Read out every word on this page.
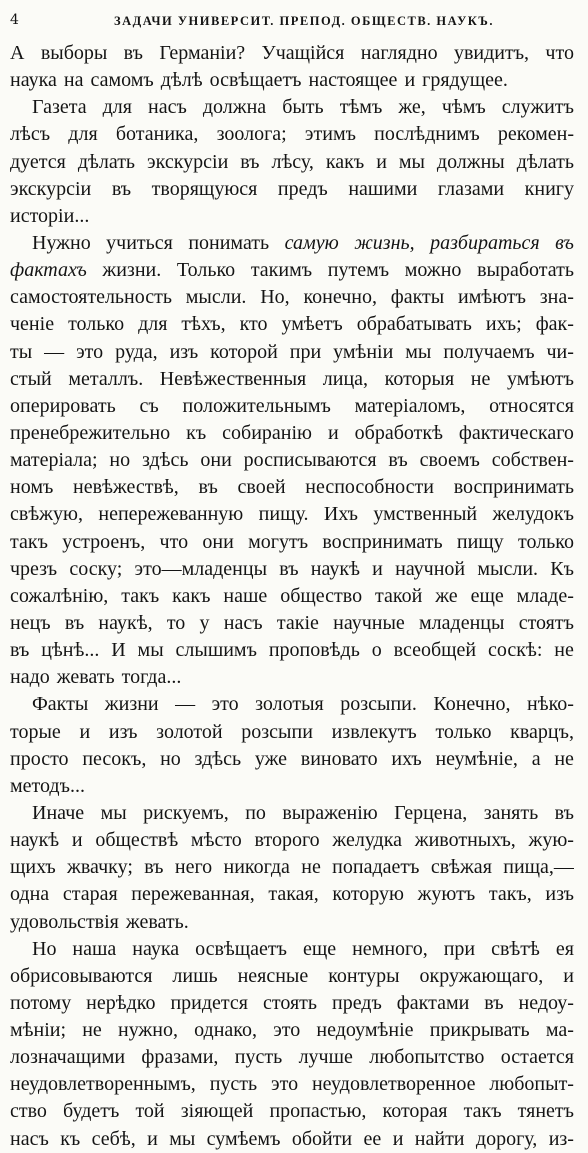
4	ЗАДАЧИ УНИВЕРСИТ. ПРЕПОД. ОБЩЕСТВ. НАУКЪ.
А выборы въ Германіи? Учащійся наглядно увидитъ, что
наука на самомъ дѣлѣ освѣщаетъ настоящее и грядущее.
Газета для насъ должна быть тѣмъ же, чѣмъ служитъ
лѣсъ для ботаника, зоолога; этимъ послѣднимъ рекомен-
дуется дѣлать экскурсіи въ лѣсу, какъ и мы должны дѣлать
экскурсіи въ творящуюся предъ нашими глазами книгу
исторіи...
Нужно учиться понимать самую жизнь, разбираться въ
фактахъ жизни. Только такимъ путемъ можно выработать
самостоятельность мысли. Но, конечно, факты имѣютъ зна-
ченіе только для тѣхъ, кто умѣетъ обрабатывать ихъ; фак-
ты — это руда, изъ которой при умѣніи мы получаемъ чи-
стый металлъ. Невѣжественныя лица, которыя не умѣютъ
оперировать съ положительнымъ матеріаломъ, относятся
пренебрежительно къ собиранію и обработкѣ фактическаго
матеріала; но здѣсь они росписываются въ своемъ собствен-
номъ невѣжествѣ, въ своей неспособности воспринимать
свѣжую, непережеванную пищу. Ихъ умственный желудокъ
такъ устроенъ, что они могутъ воспринимать пищу только
чрезъ соску; это—младенцы въ наукѣ и научной мысли. Къ
сожалѣнію, такъ какъ наше общество такой же еще младе-
нецъ въ наукѣ, то у насъ такіе научные младенцы стоятъ
въ цѣнѣ... И мы слышимъ проповѣдь о всеобщей соскѣ: не
надо жевать тогда...
Факты жизни — это золотыя розсыпи. Конечно, нѣко-
торые и изъ золотой розсыпи извлекутъ только кварцъ,
просто песокъ, но здѣсь уже виновато ихъ неумѣніе, а не
методъ...
Иначе мы рискуемъ, по выраженію Герцена, занять въ
наукѣ и обществѣ мѣсто второго желудка животныхъ, жую-
щихъ жвачку; въ него никогда не попадаетъ свѣжая пища,—
одна старая пережеванная, такая, которую жуютъ такъ, изъ
удовольствія жевать.
Но наша наука освѣщаетъ еще немного, при свѣтѣ ея
обрисовываются лишь неясные контуры окружающаго, и
потому нерѣдко придется стоять предъ фактами въ недоу-
мѣніи; не нужно, однако, это недоумѣніе прикрывать ма-
лозначащими фразами, пусть лучше любопытство остается
неудовлетвореннымъ, пусть это неудовлетворенное любопыт-
ство будетъ той зіяющей пропастью, которая такъ тянетъ
насъ къ себѣ, и мы сумѣемъ обойти ее и найти дорогу, из-
